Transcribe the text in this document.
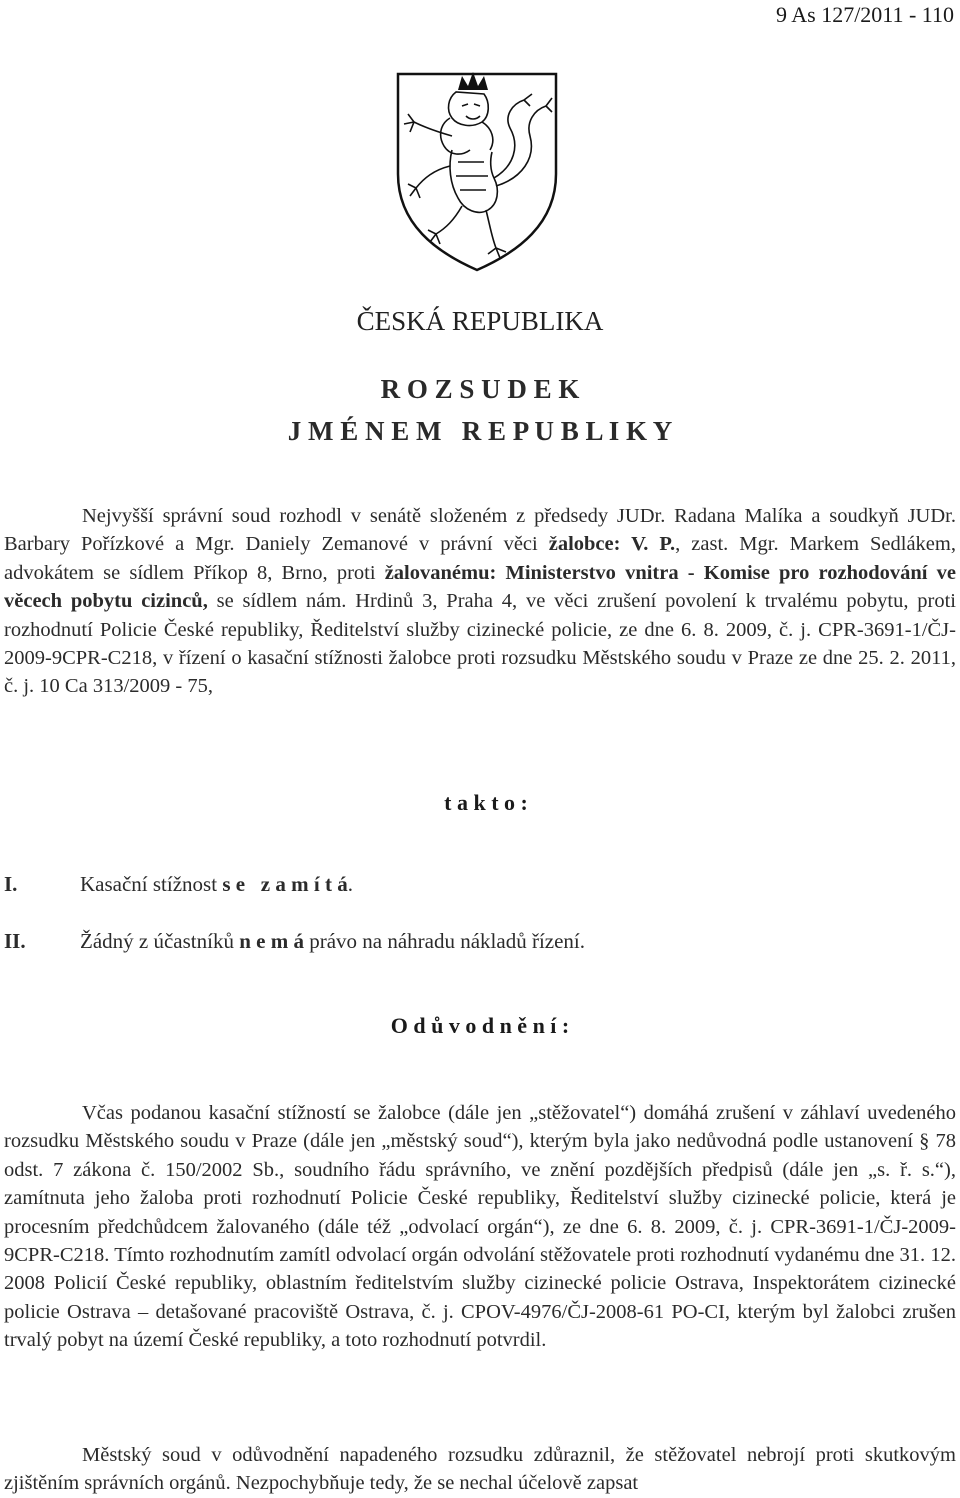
9 As 127/2011 - 110
ČESKÁ REPUBLIKA
R O Z S U D E K
J M É N E M   R E P U B L I K Y

Nejvyšší správní soud rozhodl v senátě složeném z předsedy JUDr. Radana Malíka a soudkyň JUDr. Barbary Pořízkové a Mgr. Daniely Zemanové v právní věci žalobce: V. P., zast. Mgr. Markem Sedlákem, advokátem se sídlem Příkop 8, Brno, proti žalovanému: Ministerstvo vnitra - Komise pro rozhodování ve věcech pobytu cizinců, se sídlem nám. Hrdinů 3, Praha 4, ve věci zrušení povolení k trvalému pobytu, proti rozhodnutí Policie České republiky, Ředitelství služby cizinecké policie, ze dne 6. 8. 2009, č. j. CPR-3691-1/ČJ-2009-9CPR-C218, v řízení o kasační stížnosti žalobce proti rozsudku Městského soudu v Praze ze dne 25. 2. 2011, č. j. 10 Ca 313/2009 - 75,

t a k t o :
I.	Kasační stížnost s e   z a m í t á.
II.	Žádný z účastníků n e m á právo na náhradu nákladů řízení.
O d ů v o d n ě n í :

Včas podanou kasační stížností se žalobce (dále jen „stěžovatel“) domáhá zrušení v záhlaví uvedeného rozsudku Městského soudu v Praze (dále jen „městský soud“), kterým byla jako nedůvodná podle ustanovení § 78 odst. 7 zákona č. 150/2002 Sb., soudního řádu správního, ve znění pozdějších předpisů (dále jen „s. ř. s.“), zamítnuta jeho žaloba proti rozhodnutí Policie České republiky, Ředitelství služby cizinecké policie, která je procesním předchůdcem žalovaného (dále též „odvolací orgán“), ze dne 6. 8. 2009, č. j. CPR-3691-1/ČJ-2009-9CPR-C218. Tímto rozhodnutím zamítl odvolací orgán odvolání stěžovatele proti rozhodnutí vydanému dne 31. 12. 2008 Policií České republiky, oblastním ředitelstvím služby cizinecké policie Ostrava, Inspektorátem cizinecké policie Ostrava – detašované pracoviště Ostrava, č. j. CPOV-4976/ČJ-2008-61 PO-CI, kterým byl žalobci zrušen trvalý pobyt na území České republiky, a toto rozhodnutí potvrdil.

Městský soud v odůvodnění napadeného rozsudku zdůraznil, že stěžovatel nebrojí proti skutkovým zjištěním správních orgánů. Nezpochybňuje tedy, že se nechal účelově zapsat
